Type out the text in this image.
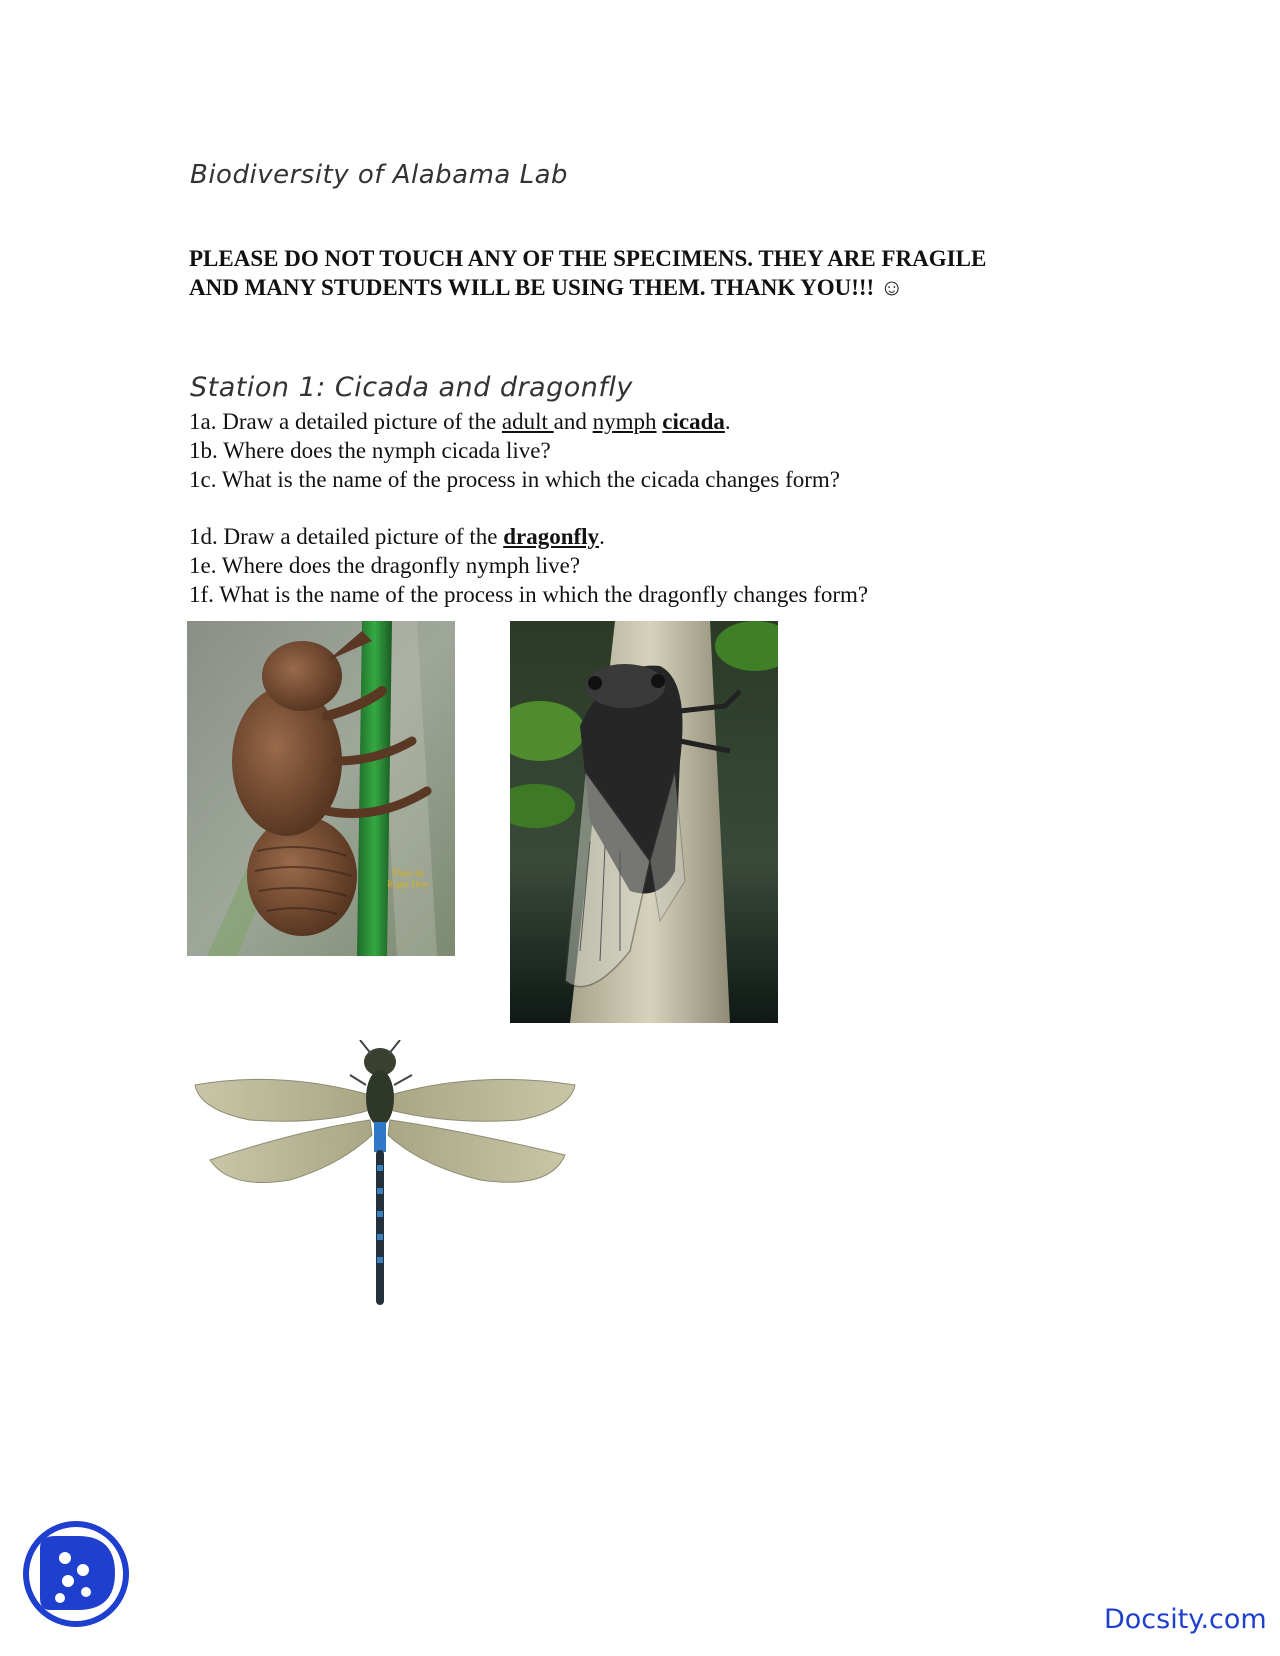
Biodiversity of Alabama Lab

PLEASE DO NOT TOUCH ANY OF THE SPECIMENS. THEY ARE FRAGILE
AND MANY STUDENTS WILL BE USING THEM. THANK YOU!!! ☺

Station 1: Cicada and dragonfly
1a. Draw a detailed picture of the adult and nymph cicada.
1b. Where does the nymph cicada live?
1c. What is the name of the process in which the cicada changes form?
1d. Draw a detailed picture of the dragonfly.
1e. Where does the dragonfly nymph live?
1f. What is the name of the process in which the dragonfly changes form?
Photo by
Roger Dow

Docsity.com
